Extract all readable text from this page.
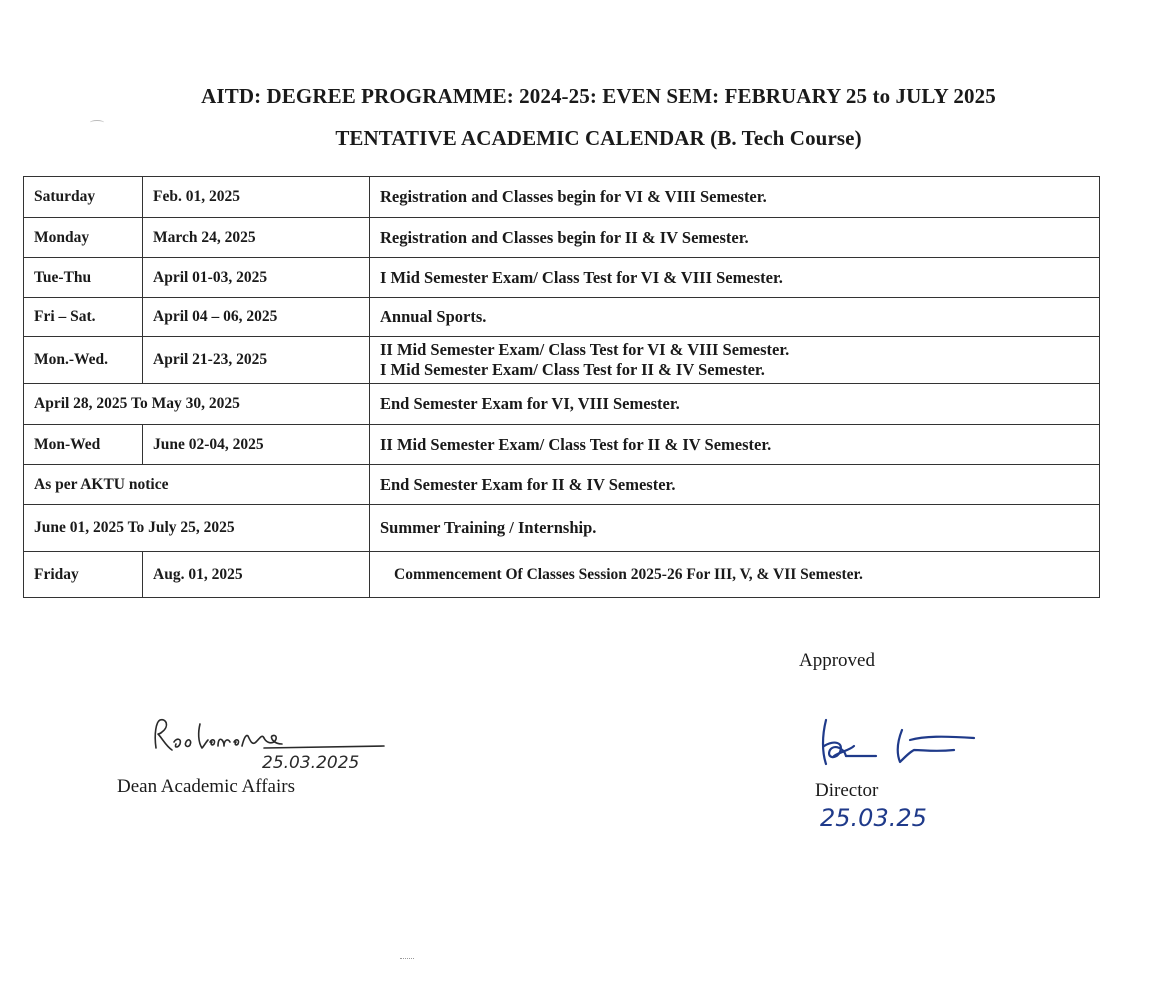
AITD: DEGREE PROGRAMME: 2024-25: EVEN SEM: FEBRUARY 25 to JULY 2025
TENTATIVE ACADEMIC CALENDAR (B. Tech Course)
Saturday	Feb. 01, 2025	Registration and Classes begin for VI & VIII Semester.

Monday	March 24, 2025	Registration and Classes begin for II & IV Semester.

Tue-Thu	April 01-03, 2025	I Mid Semester Exam/ Class Test for VI & VIII Semester.

Fri – Sat.	April 04 – 06, 2025	Annual Sports.

Mon.-Wed.	April 21-23, 2025	II Mid Semester Exam/ Class Test for VI & VIII Semester.
I Mid Semester Exam/ Class Test for II & IV Semester.

April 28, 2025 To May 30, 2025		End Semester Exam for VI, VIII Semester.

Mon-Wed	June 02-04, 2025	II Mid Semester Exam/ Class Test for II & IV Semester.

As per AKTU notice		End Semester Exam for II & IV Semester.

June 01, 2025 To July 25, 2025		Summer Training / Internship.

Friday	Aug. 01, 2025	Commencement Of Classes Session 2025-26 For III, V, & VII Semester.
Approved
25.03.2025
Dean Academic Affairs	Director
25.03.25
